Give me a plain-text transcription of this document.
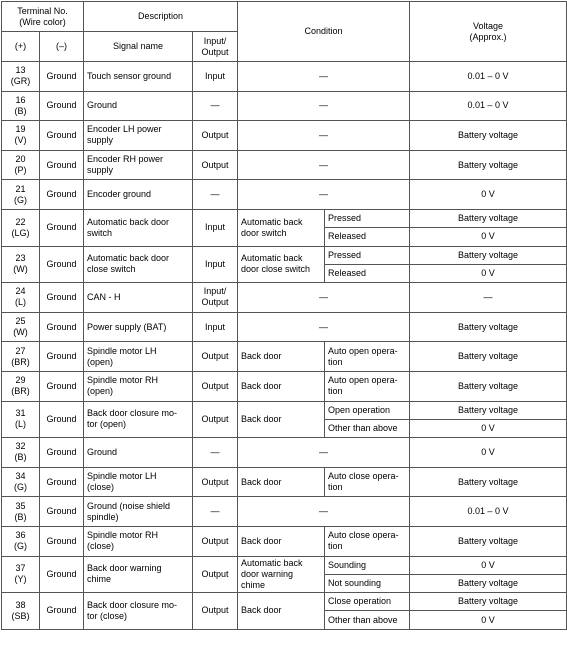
Terminal No.
(Wire color)		Description		Condition		Voltage
(Approx.)
(+)	(–)	Signal name	Input/
Output			
13
(GR)	Ground	Touch sensor ground	Input	—		0.01 – 0 V
16
(B)	Ground	Ground	—	—		0.01 – 0 V
19
(V)	Ground	Encoder LH power
supply	Output	—		Battery voltage
20
(P)	Ground	Encoder RH power
supply	Output	—		Battery voltage
21
(G)	Ground	Encoder ground	—	—		0 V
22
(LG)	Ground	Automatic back door
switch	Input	Automatic back
door switch	Pressed	Battery voltage
					Released	0 V
23
(W)	Ground	Automatic back door
close switch	Input	Automatic back
door close switch	Pressed	Battery voltage
					Released	0 V
24
(L)	Ground	CAN - H	Input/
Output	—		—
25
(W)	Ground	Power supply (BAT)	Input	—		Battery voltage
27
(BR)	Ground	Spindle motor LH
(open)	Output	Back door	Auto open opera-
tion	Battery voltage
29
(BR)	Ground	Spindle motor RH
(open)	Output	Back door	Auto open opera-
tion	Battery voltage
31
(L)	Ground	Back door closure mo-
tor (open)	Output	Back door	Open operation	Battery voltage
					Other than above	0 V
32
(B)	Ground	Ground	—	—		0 V
34
(G)	Ground	Spindle motor LH
(close)	Output	Back door	Auto close opera-
tion	Battery voltage
35
(B)	Ground	Ground (noise shield
spindle)	—	—		0.01 – 0 V
36
(G)	Ground	Spindle motor RH
(close)	Output	Back door	Auto close opera-
tion	Battery voltage
37
(Y)	Ground	Back door warning
chime	Output	Automatic back
door warning
chime	Sounding	0 V
					Not sounding	Battery voltage
38
(SB)	Ground	Back door closure mo-
tor (close)	Output	Back door	Close operation	Battery voltage
					Other than above	0 V
